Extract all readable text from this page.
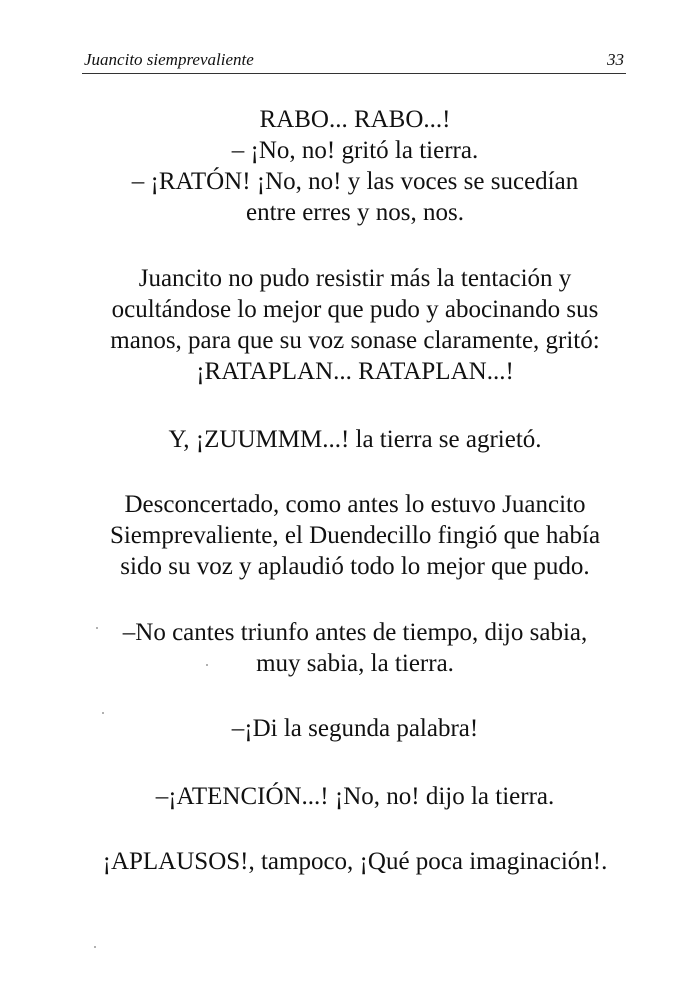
Juancito siemprevaliente	33
RABO... RABO...!
– ¡No, no! gritó la tierra.
– ¡RATÓN! ¡No, no! y las voces se sucedían
entre erres y nos, nos.
Juancito no pudo resistir más la tentación y
ocultándose lo mejor que pudo y abocinando sus
manos, para que su voz sonase claramente, gritó:
¡RATAPLAN... RATAPLAN...!
Y, ¡ZUUMMM...! la tierra se agrietó.
Desconcertado, como antes lo estuvo Juancito
Siemprevaliente, el Duendecillo fingió que había
sido su voz y aplaudió todo lo mejor que pudo.
–No cantes triunfo antes de tiempo, dijo sabia,
muy sabia, la tierra.
–¡Di la segunda palabra!
–¡ATENCIÓN...! ¡No, no! dijo la tierra.
¡APLAUSOS!, tampoco, ¡Qué poca imaginación!.
